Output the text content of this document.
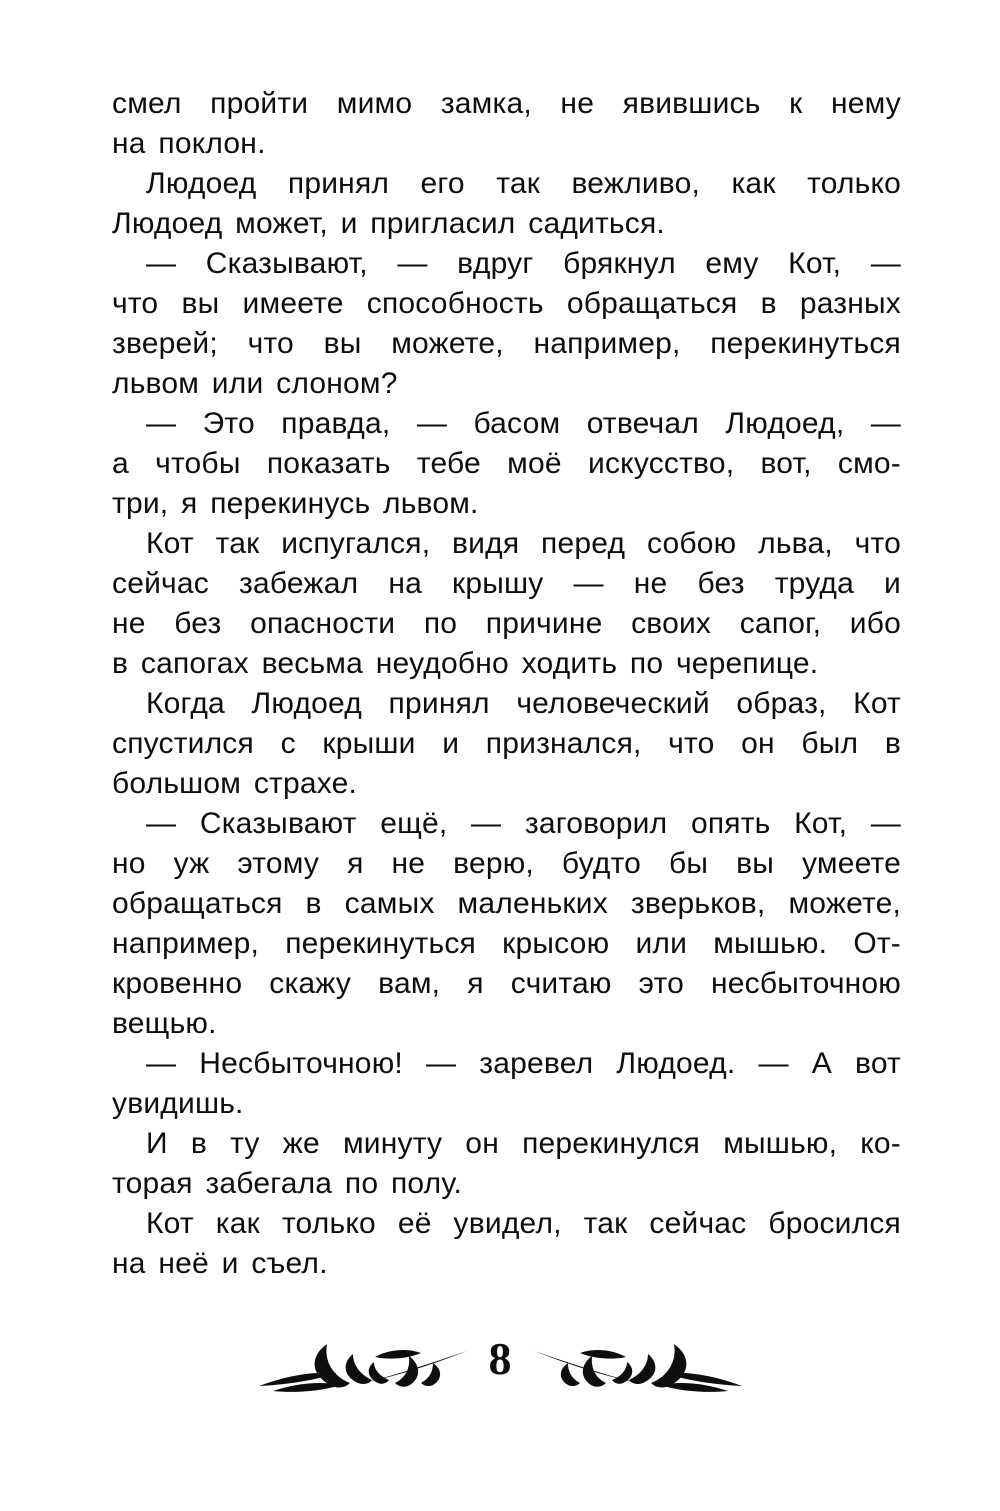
смел пройти мимо замка, не явившись к нему
на поклон.
Людоед принял его так вежливо, как только
Людоед может, и пригласил садиться.
— Сказывают, — вдруг брякнул ему Кот, —
что вы имеете способность обращаться в разных
зверей; что вы можете, например, перекинуться
львом или слоном?
— Это правда, — басом отвечал Людоед, —
а чтобы показать тебе моё искусство, вот, смо-
три, я перекинусь львом.
Кот так испугался, видя перед собою льва, что
сейчас забежал на крышу — не без труда и
не без опасности по причине своих сапог, ибо
в сапогах весьма неудобно ходить по черепице.
Когда Людоед принял человеческий образ, Кот
спустился с крыши и признался, что он был в
большом страхе.
— Сказывают ещё, — заговорил опять Кот, —
но уж этому я не верю, будто бы вы умеете
обращаться в самых маленьких зверьков, можете,
например, перекинуться крысою или мышью. От-
кровенно скажу вам, я считаю это несбыточною
вещью.
— Несбыточною! — заревел Людоед. — А вот
увидишь.
И в ту же минуту он перекинулся мышью, ко-
торая забегала по полу.
Кот как только её увидел, так сейчас бросился
на неё и съел.
8
